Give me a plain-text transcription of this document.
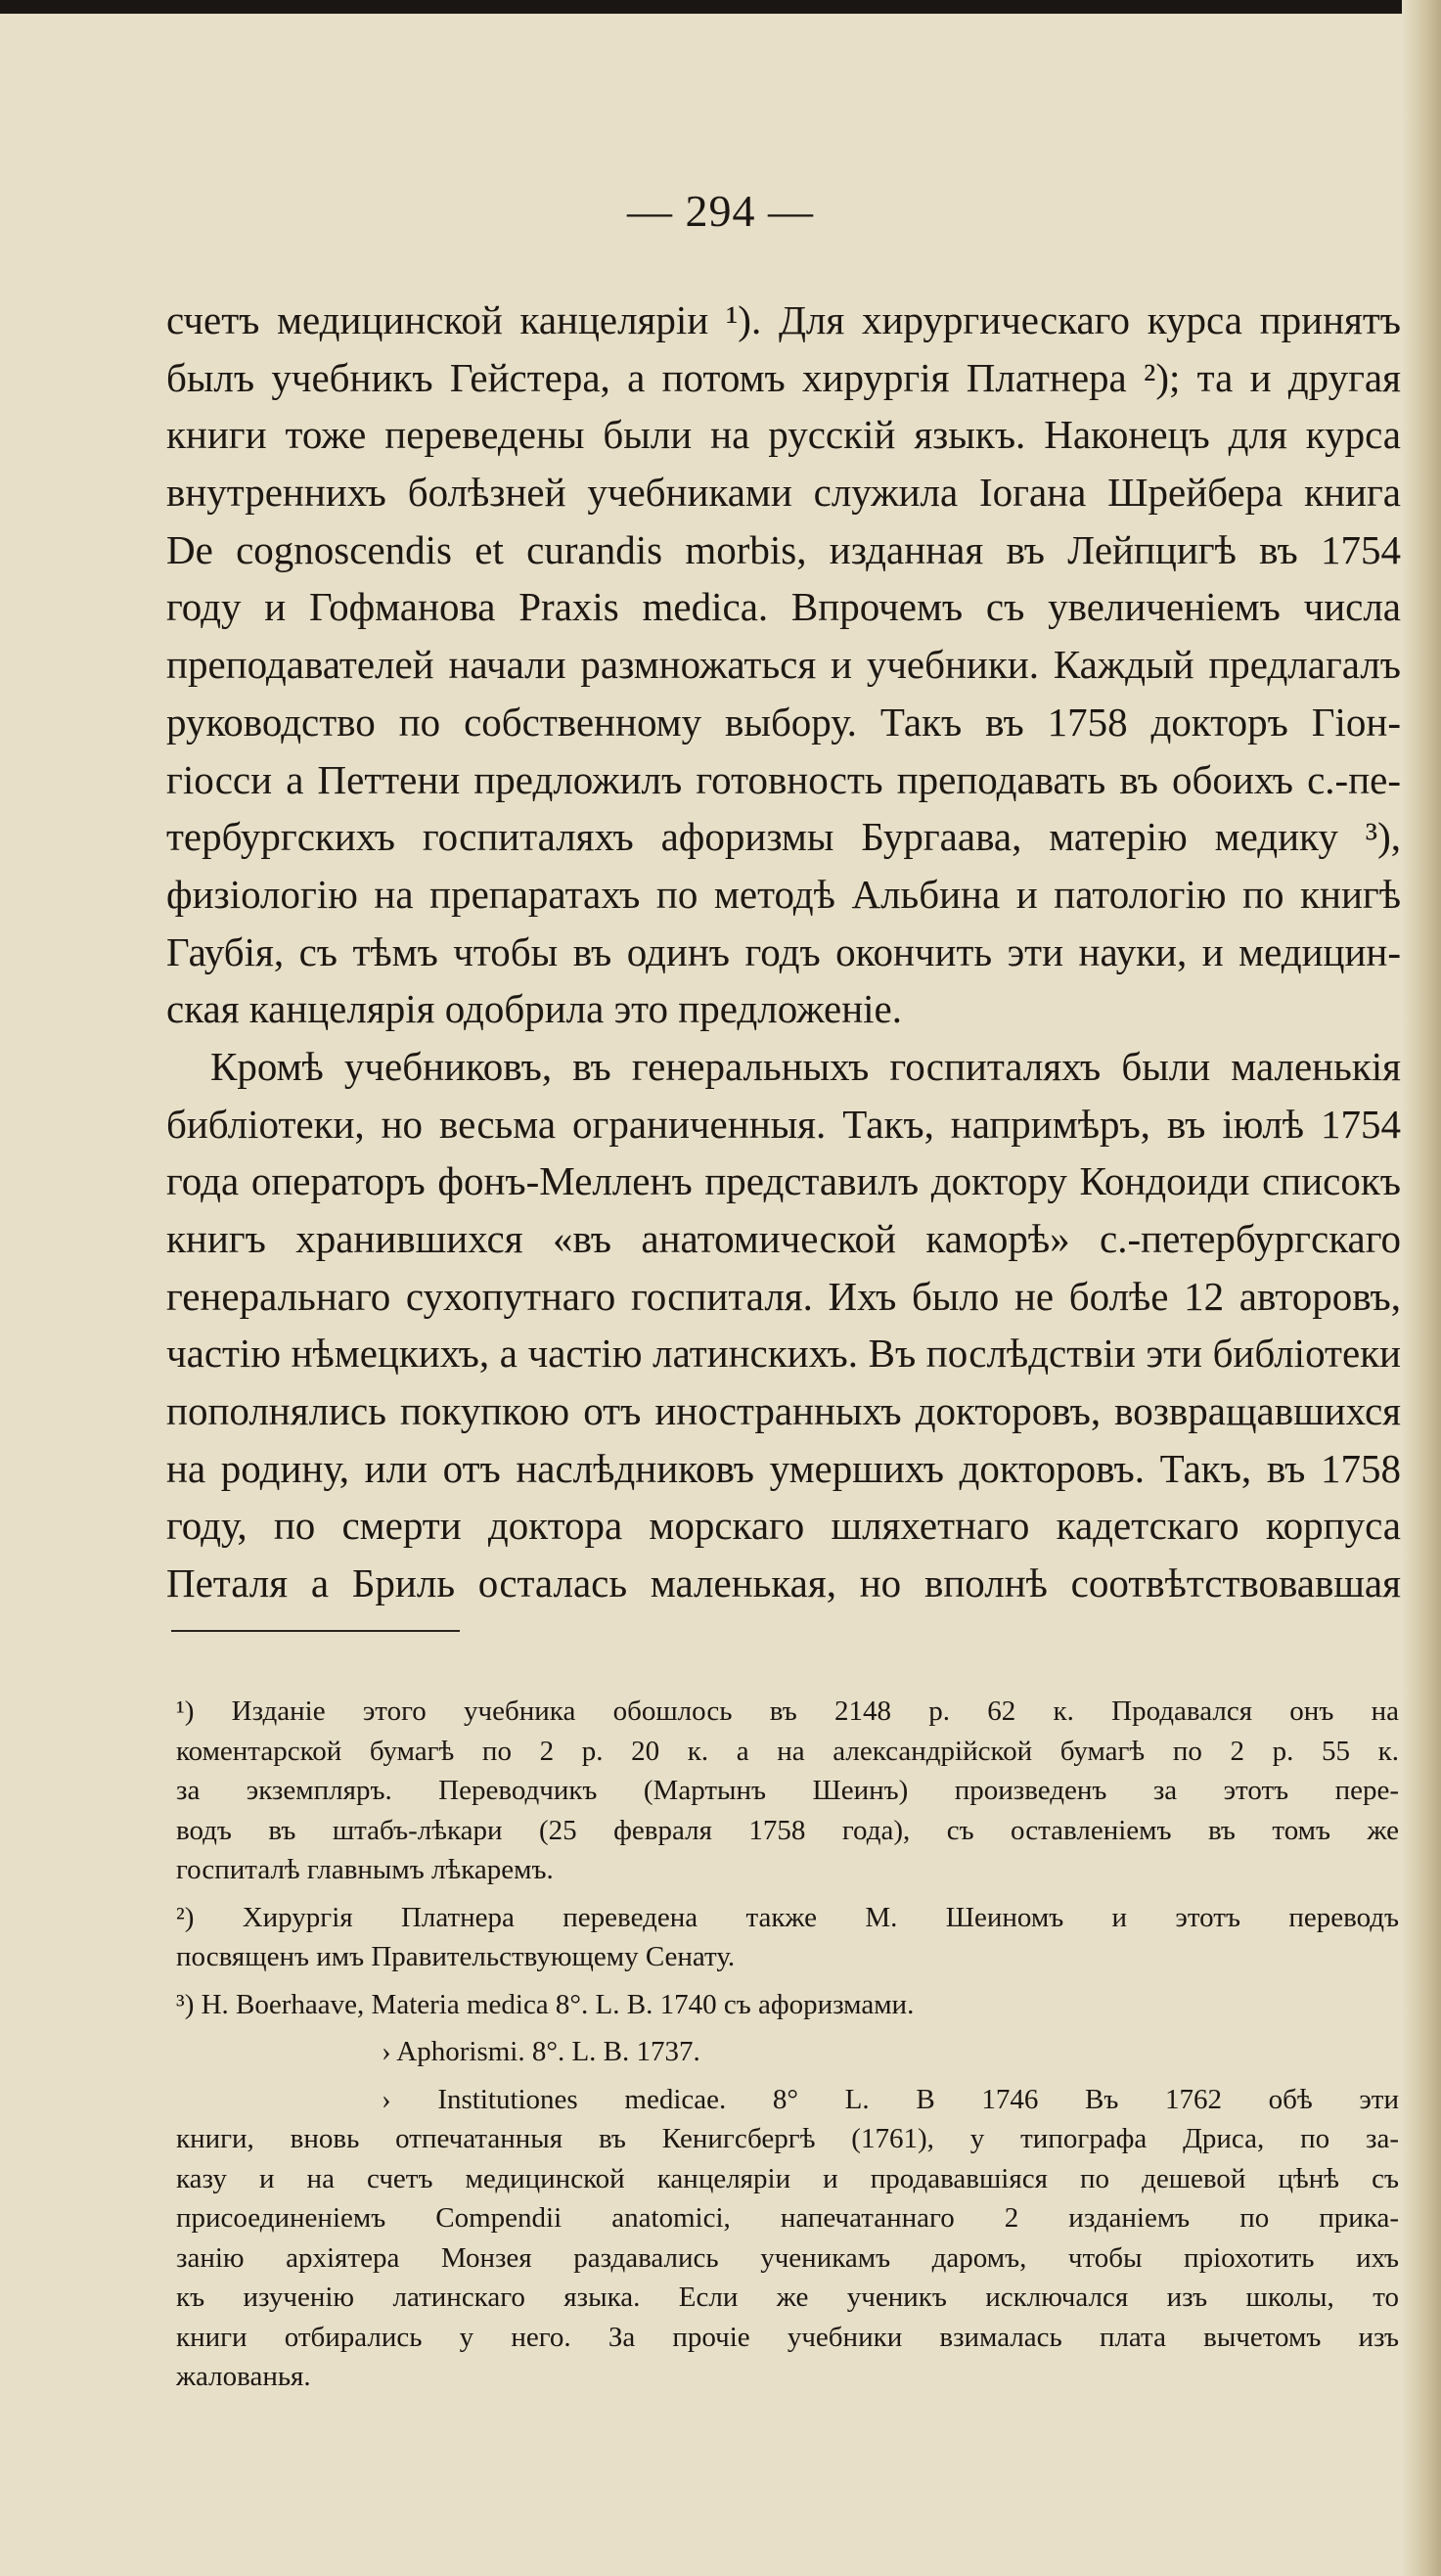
— 294 —
счетъ медицинской канцеляріи ¹). Для хирургическаго курса принятъ
былъ учебникъ Гейстера, а потомъ хирургія Платнера ²); та и другая
книги тоже переведены были на русскій языкъ. Наконецъ для курса
внутреннихъ болѣзней учебниками служила Іогана Шрейбера книга
De cognoscendis et curandis morbis, изданная въ Лейпцигѣ въ 1754
году и Гофманова Praxis medica. Впрочемъ съ увеличеніемъ числа
преподавателей начали размножаться и учебники. Каждый предлагалъ
руководство по собственному выбору. Такъ въ 1758 докторъ Гіон-
гіосси а Петтени предложилъ готовность преподавать въ обоихъ с.-пе-
тербургскихъ госпиталяхъ афоризмы Бургаава, матерію медику ³),
физіологію на препаратахъ по методѣ Альбина и патологію по книгѣ
Гаубія, съ тѣмъ чтобы въ одинъ годъ окончить эти науки, и медицин-
ская канцелярія одобрила это предложеніе.
Кромѣ учебниковъ, въ генеральныхъ госпиталяхъ были маленькія
библіотеки, но весьма ограниченныя. Такъ, напримѣръ, въ іюлѣ 1754
года операторъ фонъ-Мелленъ представилъ доктору Кондоиди списокъ
книгъ хранившихся «въ анатомической каморѣ» с.-петербургскаго
генеральнаго сухопутнаго госпиталя. Ихъ было не болѣе 12 авторовъ,
частію нѣмецкихъ, а частію латинскихъ. Въ послѣдствіи эти библіотеки
пополнялись покупкою отъ иностранныхъ докторовъ, возвращавшихся
на родину, или отъ наслѣдниковъ умершихъ докторовъ. Такъ, въ 1758
году, по смерти доктора морскаго шляхетнаго кадетскаго корпуса
Петаля а Бриль осталась маленькая, но вполнѣ соотвѣтствовавшая
¹) Изданіе этого учебника обошлось въ 2148 р. 62 к. Продавался онъ на
коментарской бумагѣ по 2 р. 20 к. а на александрійской бумагѣ по 2 р. 55 к.
за экземпляръ. Переводчикъ (Мартынъ Шеинъ) произведенъ за этотъ пере-
водъ въ штабъ-лѣкари (25 февраля 1758 года), съ оставленіемъ въ томъ же
госпиталѣ главнымъ лѣкаремъ.
²) Хирургія Платнера переведена также М. Шеиномъ и этотъ переводъ
посвященъ имъ Правительствующему Сенату.
³) Н. Boerhaave, Materia medica 8°. L. B. 1740 съ афоризмами.
› Aphorismi. 8°. L. B. 1737.
› Institutiones medicae. 8° L. B 1746 Въ 1762 обѣ эти
книги, вновь отпечатанныя въ Кенигсбергѣ (1761), у типографа Дриса, по за-
казу и на счетъ медицинской канцеляріи и продававшіяся по дешевой цѣнѣ съ
присоединеніемъ Compendii anatomici, напечатаннаго 2 изданіемъ по прика-
занію архіятера Монзея раздавались ученикамъ даромъ, чтобы пріохотить ихъ
къ изученію латинскаго языка. Если же ученикъ исключался изъ школы, то
книги отбирались у него. За прочіе учебники взималась плата вычетомъ изъ
жалованья.
